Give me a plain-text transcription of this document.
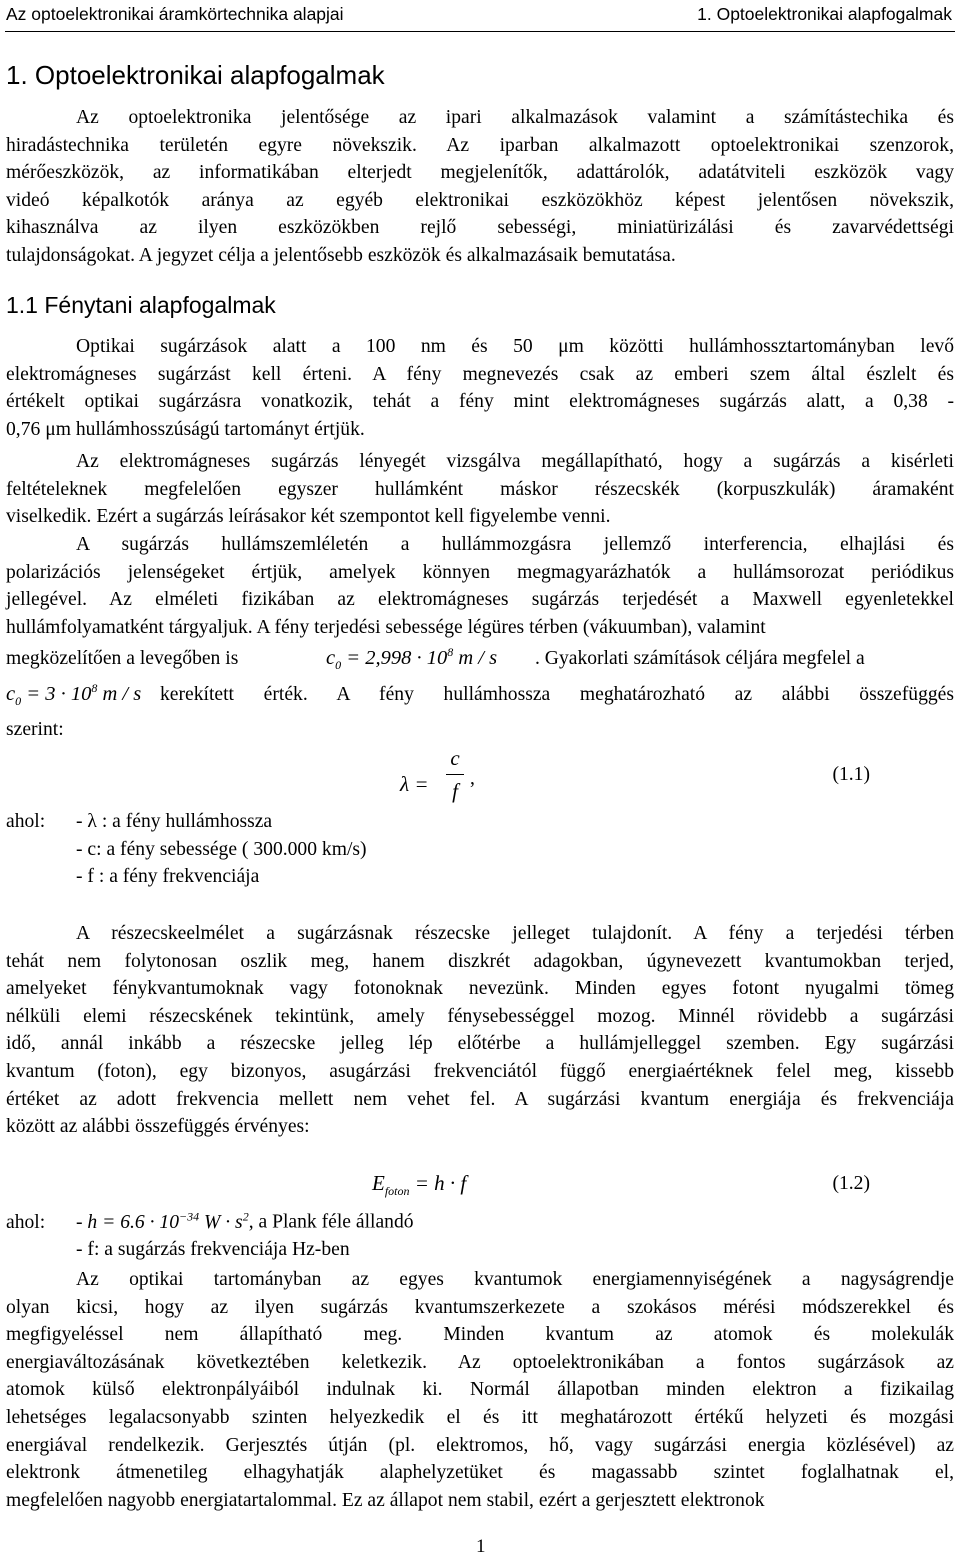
Az optoelektronikai áramkörtechnika alapjai	1. Optoelektronikai alapfogalmak
1. Optoelektronikai alapfogalmak
Az optoelektronika jelentősége az ipari alkalmazások valamint a számítástechika és
hiradástechnika területén egyre növekszik. Az iparban alkalmazott optoelektronikai szenzorok,
mérőeszközök, az informatikában elterjedt megjelenítők, adattárolók, adatátviteli eszközök vagy
videó képalkotók aránya az egyéb elektronikai eszközökhöz képest jelentősen növekszik,
kihasználva az ilyen eszközökben rejlő sebességi, miniatürizálási és zavarvédettségi
tulajdonságokat. A jegyzet célja a jelentősebb eszközök és alkalmazásaik bemutatása.
1.1 Fénytani alapfogalmak
Optikai sugárzások alatt a 100 nm és 50 μm közötti hullámhossztartományban levő
elektromágneses sugárzást kell érteni. A fény megnevezés csak az emberi szem által észlelt és
értékelt optikai sugárzásra vonatkozik, tehát a fény mint elektromágneses sugárzás alatt, a 0,38 -
0,76 μm hullámhosszúságú tartományt értjük.
Az elektromágneses sugárzás lényegét vizsgálva megállapítható, hogy a sugárzás a kisérleti
feltételeknek megfelelően egyszer hullámként máskor részecskék (korpuszkulák) áramaként
viselkedik. Ezért a sugárzás leírásakor két szempontot kell figyelembe venni.
A sugárzás hullámszemléletén a hullámmozgásra jellemző interferencia, elhajlási és
polarizációs jelenségeket értjük, amelyek könnyen megmagyarázhatók a hullámsorozat periódikus
jellegével. Az elméleti fizikában az elektromágneses sugárzás terjedését a Maxwell egyenletekkel
hullámfolyamatként tárgyaljuk. A fény terjedési sebessége légüres térben (vákuumban), valamint
megközelítően a levegőben is	$c_0 = 2,998 \cdot 10^8$ m / s . Gyakorlati számítások céljára megfelel a
$c_0 = 3 \cdot 10^8$ m / s kerekített érték. A fény hullámhossza meghatározható az alábbi összefüggés
szerint:
λ =
c
f
,	(1.1)
ahol: - λ : a fény hullámhossza
- c: a fény sebessége ( 300.000 km/s)
- f : a fény frekvenciája
A részecskeelmélet a sugárzásnak részecske jelleget tulajdonít. A fény a terjedési térben
tehát nem folytonosan oszlik meg, hanem diszkrét adagokban, úgynevezett kvantumokban terjed,
amelyeket fénykvantumoknak vagy fotonoknak nevezünk. Minden egyes fotont nyugalmi tömeg
nélküli elemi részecskének tekintünk, amely fénysebességgel mozog. Minnél rövidebb a sugárzási
idő, annál inkább a részecske jelleg lép előtérbe a hullámjelleggel szemben. Egy sugárzási
kvantum (foton), egy bizonyos, asugárzási frekvenciától függő energiaértéknek felel meg, kissebb
értéket az adott frekvencia mellett nem vehet fel. A sugárzási kvantum energiája és frekvenciája
között az alábbi összefüggés érvényes:
$E_{foton} = h \cdot f$	(1.2)
ahol: - $h = 6.6 \cdot 10^{-34}$ $W \cdot s^2$, a Plank féle állandó
- f: a sugárzás frekvenciája Hz-ben
Az optikai tartományban az egyes kvantumok energiamennyiségének a nagyságrendje
olyan kicsi, hogy az ilyen sugárzás kvantumszerkezete a szokásos mérési módszerekkel és
megfigyeléssel nem állapítható meg. Minden kvantum az atomok és molekulák
energiaváltozásának következtében keletkezik. Az optoelektronikában a fontos sugárzások az
atomok külső elektronpályáiból indulnak ki. Normál állapotban minden elektron a fizikailag
lehetséges legalacsonyabb szinten helyezkedik el és itt meghatározott értékű helyzeti és mozgási
energiával rendelkezik. Gerjesztés útján (pl. elektromos, hő, vagy sugárzási energia közlésével) az
elektronk átmenetileg elhagyhatják alaphelyzetüket és magassabb szintet foglalhatnak el,
megfelelően nagyobb energiatartalommal. Ez az állapot nem stabil, ezért a gerjesztett elektronok
1
